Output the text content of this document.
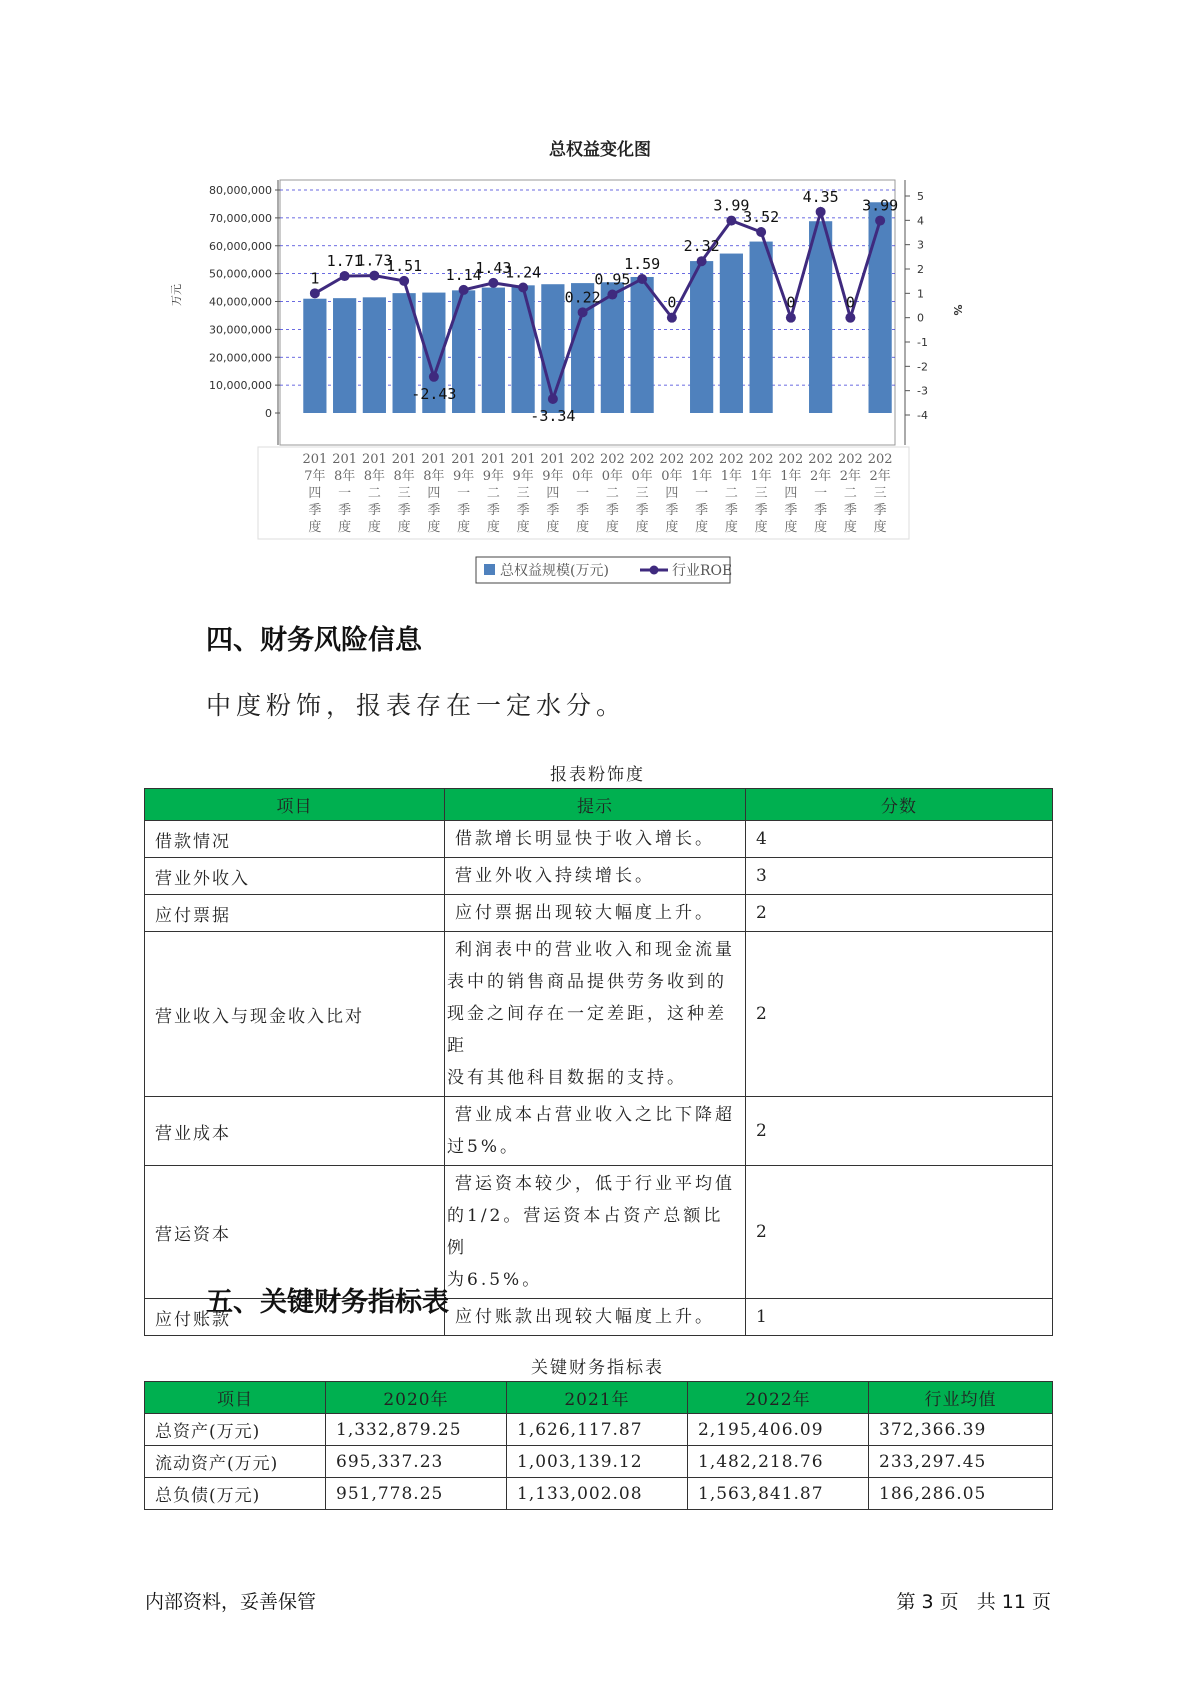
总权益变化图
0
10,000,000
20,000,000
30,000,000
40,000,000
50,000,000
60,000,000
70,000,000
80,000,000
-4
-3
-2
-1
0
1
2
3
4
5
1
1.71
1.73
1.51
-2.43
1.14
1.43
1.24
-3.34
0.22
0.95
1.59
0
2.32
3.99
3.52
0
4.35
0
3.99
201
7年
四
季
度
201
8年
一
季
度
201
8年
二
季
度
201
8年
三
季
度
201
8年
四
季
度
201
9年
一
季
度
201
9年
二
季
度
201
9年
三
季
度
201
9年
四
季
度
202
0年
一
季
度
202
0年
二
季
度
202
0年
三
季
度
202
0年
四
季
度
202
1年
一
季
度
202
1年
二
季
度
202
1年
三
季
度
202
1年
四
季
度
202
2年
一
季
度
202
2年
二
季
度
202
2年
三
季
度
万元
%
总权益规模(万元)	行业ROE
四、财务风险信息

中度粉饰，报表存在一定水分。

报表粉饰度
项目	提示	分数
借款情况	借款增长明显快于收入增长。	4
营业外收入	营业外收入持续增长。	3
应付票据	应付票据出现较大幅度上升。	2
营业收入与现金收入比对	利润表中的营业收入和现金流量
表中的销售商品提供劳务收到的
现金之间存在一定差距，这种差距
没有其他科目数据的支持。	2
营业成本	营业成本占营业收入之比下降超
过5%。	2
营运资本	营运资本较少，低于行业平均值
的1/2。营运资本占资产总额比例
为6.5%。	2
应付账款	应付账款出现较大幅度上升。	1
五、关键财务指标表
关键财务指标表
项目	2020年	2021年	2022年	行业均值
总资产(万元)	1,332,879.25	1,626,117.87	2,195,406.09	372,366.39
流动资产(万元)	695,337.23	1,003,139.12	1,482,218.76	233,297.45
总负债(万元)	951,778.25	1,133,002.08	1,563,841.87	186,286.05
内部资料，妥善保管	第 3 页   共 11 页
